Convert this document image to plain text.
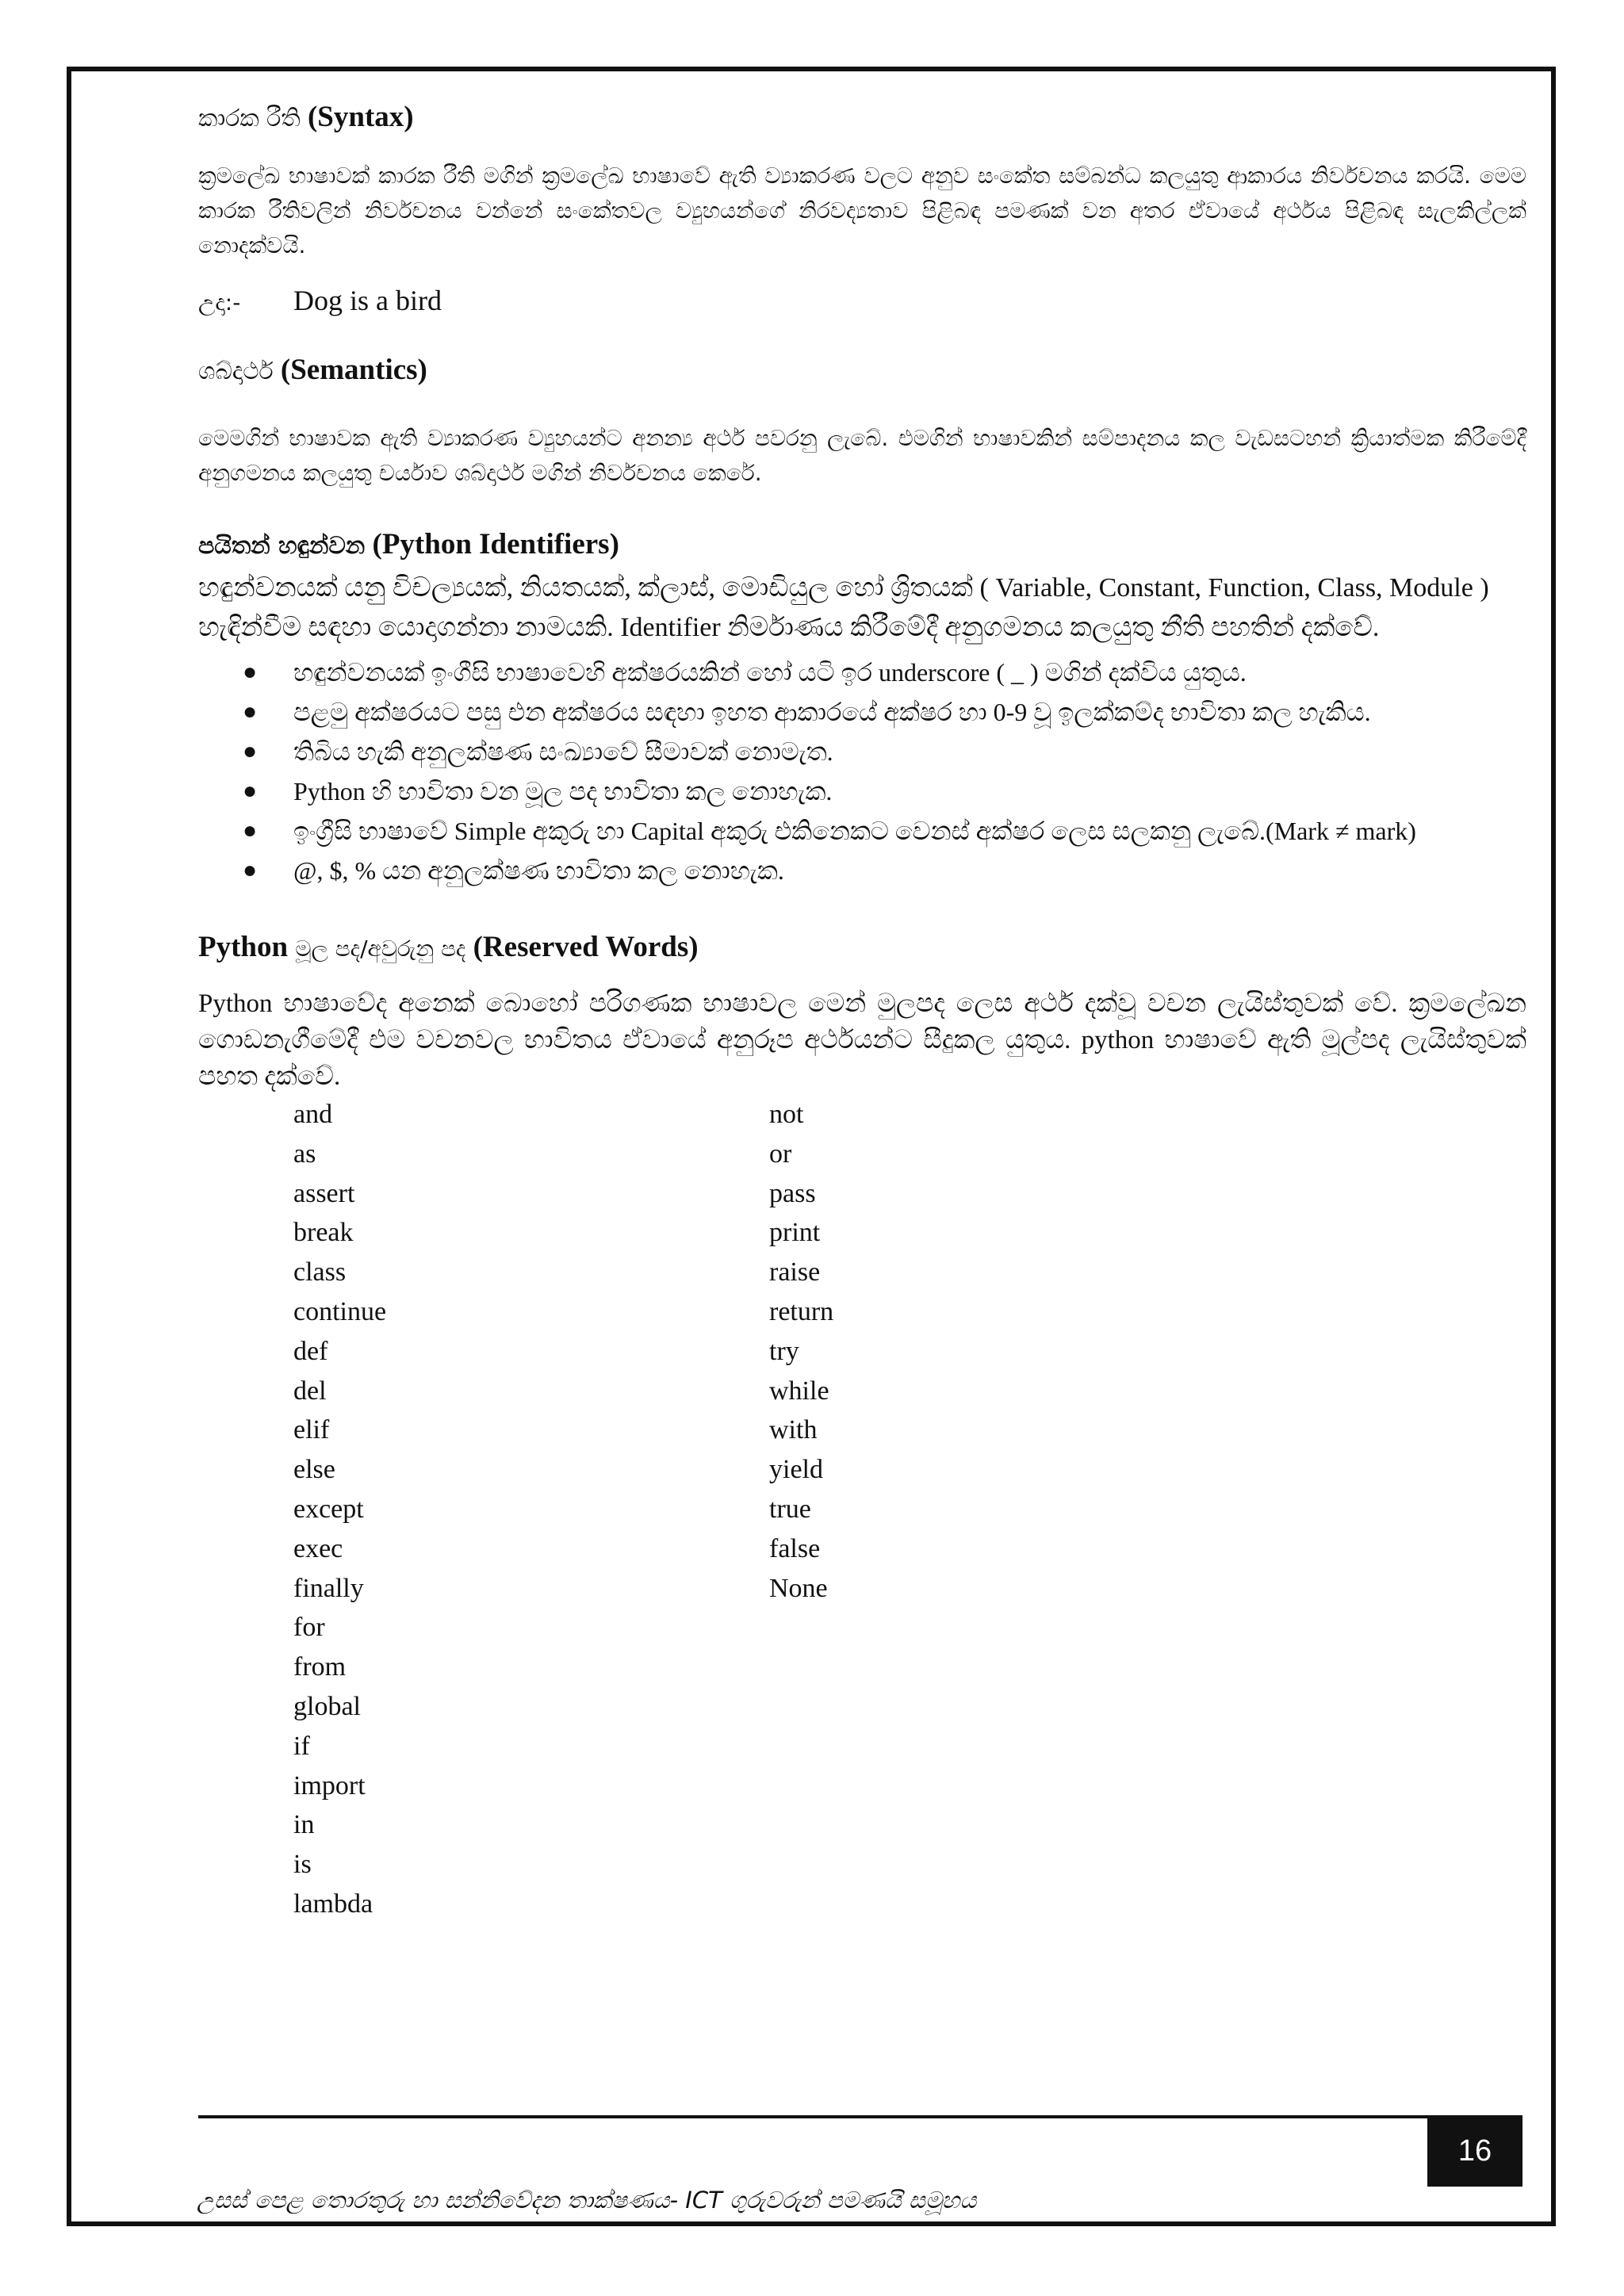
කාරක රීති (Syntax)

ක්‍රමලේඛ භාෂාවක් කාරක රීති මගින් ක්‍රමලේඛ භාෂාවේ ඇති ව්‍යාකරණ වලට අනුව සංකේත සම්බන්ධ කලයුතු ආකාරය නිර්වචනය කරයි. මෙම කාරක රීතිවලින් නිර්වචනය වන්නේ සංකේතවල ව්‍යුහයන්ගේ නිරවද්‍යතාව පිළිබඳ පමණක් වන අතර ඒවායේ අර්ථය පිළිබඳ සැලකිල්ලක් නොදක්වයි.

උදා:- Dog is a bird

ශබ්දාර්ථ (Semantics)

මෙමගින් භාෂාවක ඇති ව්‍යාකරණ ව්‍යුහයන්ට අනන්‍ය අර්ථ පවරනු ලැබේ. එමගින් භාෂාවකින් සම්පාදනය කල වැඩසටහන් ක්‍රියාත්මක කිරීමේදී අනුගමනය කලයුතු චර්යාව ශබ්දාර්ථ මගින් නිර්වචනය කෙරේ.

පයිතන් හඳුන්වන (Python Identifiers)

හඳුන්වනයක් යනු විචල්‍යයක්, නියතයක්, ක්ලාස්, මොඩියුල හෝ ශ්‍රිතයක් ( Variable, Constant, Function, Class, Module ) හැඳින්වීම සඳහා යොදාගන්නා නාමයකි. Identifier නිර්මාණය කිරීමේදී අනුගමනය කලයුතු නීති පහතින් දක්වේ.

● හඳුන්වනයක් ඉංගීසි භාෂාවෙහි අක්ෂරයකින් හෝ යටි ඉර underscore ( _ ) මගින් දක්විය යුතුය.
● පළමු අක්ෂරයට පසු එන අක්ෂරය සඳහා ඉහත ආකාරයේ අක්ෂර හා 0-9 වූ ඉලක්කම්ද භාවිතා කල හැකිය.
● තිබිය හැකි අනුලක්ෂණ සංඛ්‍යාවේ සීමාවක් නොමැත.
● Python හි භාවිතා වන මූල පද භාවිතා කල නොහැක.
● ඉංග්‍රීසි භාෂාවේ Simple අකුරු හා Capital අකුරු එකිනෙකට වෙනස් අක්ෂර ලෙස සලකනු ලැබේ.(Mark ≠ mark)
● @, $, % යන අනුලක්ෂණ භාවිතා කල නොහැක.
Python මූල පද/අවුරුනු පද (Reserved Words)

Python භාෂාවේද අනෙක් බොහෝ පරිගණක භාෂාවල මෙන් මුලපද ලෙස අර්ථ දක්වූ වචන ලැයිස්තුවක් වේ. ක්‍රමලේඛන ගොඩනැගීමේදී එම වචනවල භාවිතය ඒවායේ අනුරූප අර්ථයන්ට සීදුකල යුතුය. python භාෂාවේ ඇති මූල්පද ලැයිස්තුවක් පහත දක්වේ.

and
as
assert
break
class
continue
def
del
elif
else
except
exec
finally
for
from
global
if
import
in
is
lambda
not
or
pass
print
raise
return
try
while
with
yield
true
false
None
16
උසස් පෙළ තොරතුරු හා සන්නිවේදන තාක්ෂණය- ICT ගුරුවරුන් පමණයි සමූහය
